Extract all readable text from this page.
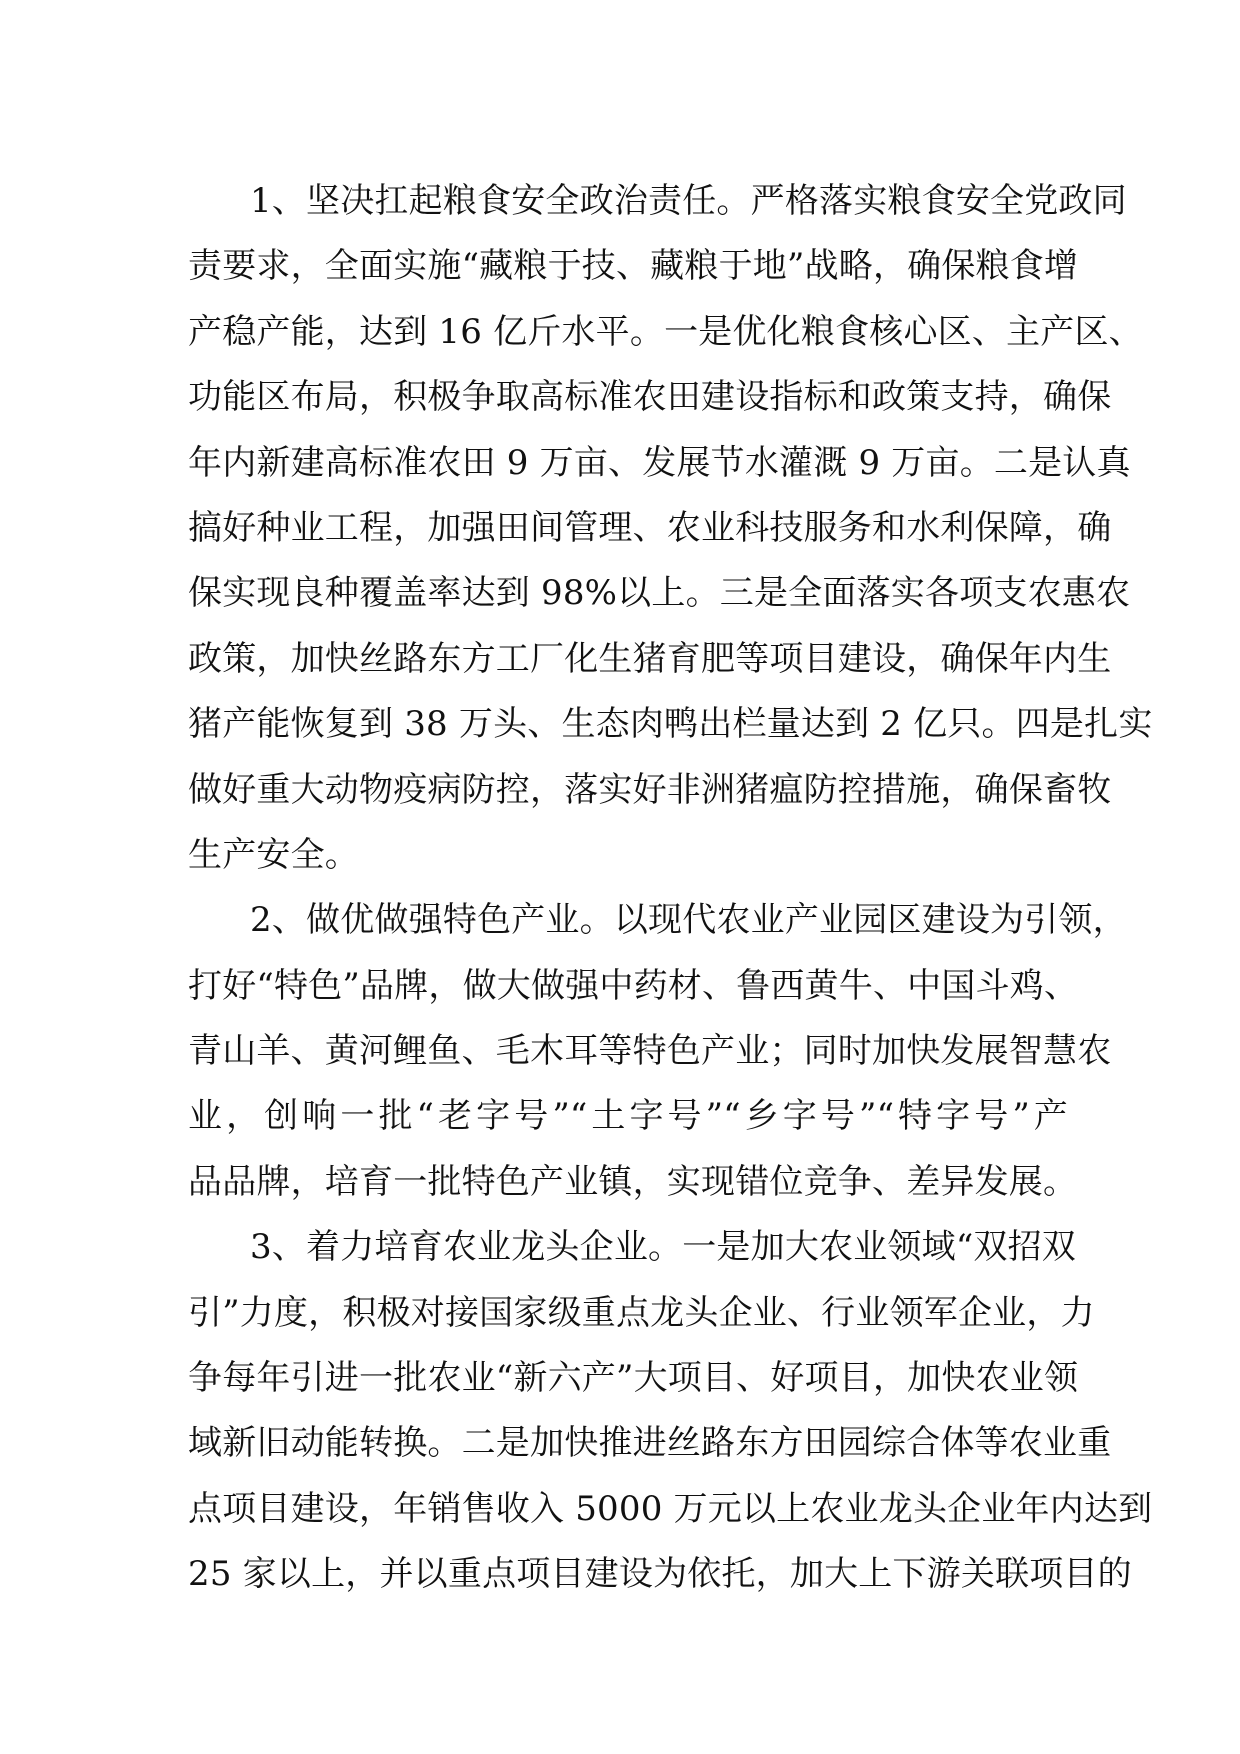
1、坚决扛起粮食安全政治责任。严格落实粮食安全党政同
责要求，全面实施“藏粮于技、藏粮于地”战略，确保粮食增
产稳产能，达到 16 亿斤水平。一是优化粮食核心区、主产区、
功能区布局，积极争取高标准农田建设指标和政策支持，确保
年内新建高标准农田 9 万亩、发展节水灌溉 9 万亩。二是认真
搞好种业工程，加强田间管理、农业科技服务和水利保障，确
保实现良种覆盖率达到 98%以上。三是全面落实各项支农惠农
政策，加快丝路东方工厂化生猪育肥等项目建设，确保年内生
猪产能恢复到 38 万头、生态肉鸭出栏量达到 2 亿只。四是扎实
做好重大动物疫病防控，落实好非洲猪瘟防控措施，确保畜牧
生产安全。
2、做优做强特色产业。以现代农业产业园区建设为引领，
打好“特色”品牌，做大做强中药材、鲁西黄牛、中国斗鸡、
青山羊、黄河鲤鱼、毛木耳等特色产业；同时加快发展智慧农
业，创响一批“老字号”“土字号”“乡字号”“特字号”产
品品牌，培育一批特色产业镇，实现错位竞争、差异发展。
3、着力培育农业龙头企业。一是加大农业领域“双招双
引”力度，积极对接国家级重点龙头企业、行业领军企业，力
争每年引进一批农业“新六产”大项目、好项目，加快农业领
域新旧动能转换。二是加快推进丝路东方田园综合体等农业重
点项目建设，年销售收入 5000 万元以上农业龙头企业年内达到
25 家以上，并以重点项目建设为依托，加大上下游关联项目的
